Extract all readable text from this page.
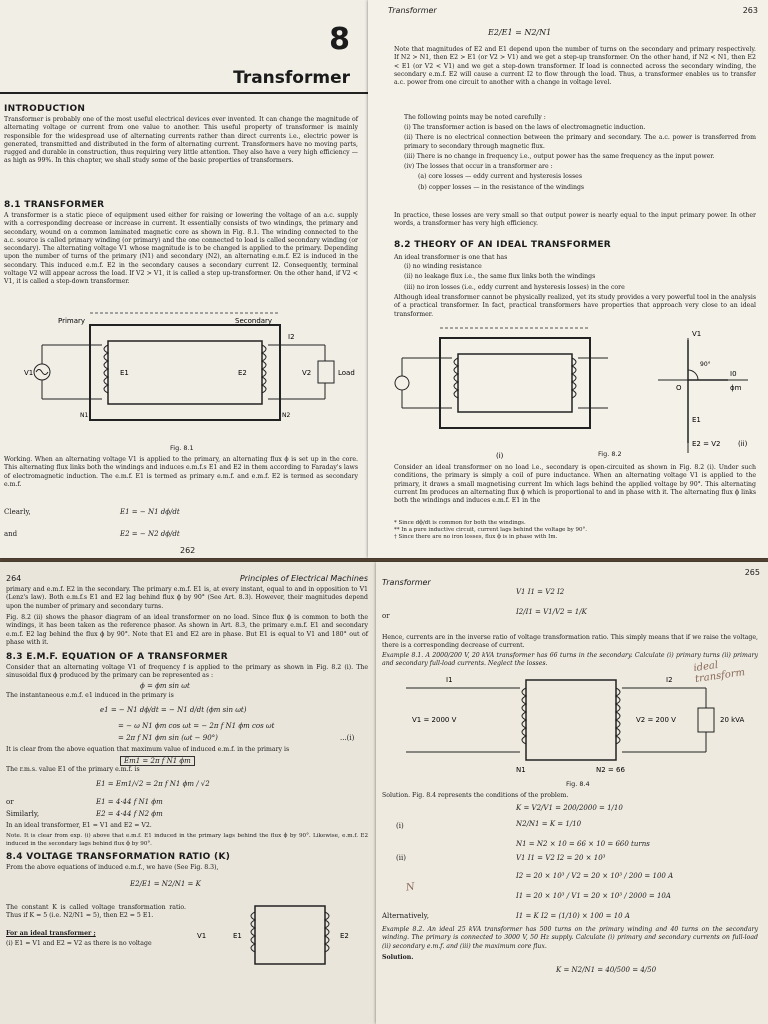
8
Transformer
INTRODUCTION
Transformer is probably one of the most useful electrical devices ever invented. It can change the magnitude of alternating voltage or current from one value to another. This useful property of transformer is mainly responsible for the widespread use of alternating currents rather than direct currents i.e., electric power is generated, transmitted and distributed in the form of alternating current. Transformers have no moving parts, rugged and durable in construction, thus requiring very little attention. They also have a very high efficiency — as high as 99%. In this chapter, we shall study some of the basic properties of transformers.
8.1 TRANSFORMER
A transformer is a static piece of equipment used either for raising or lowering the voltage of an a.c. supply with a corresponding decrease or increase in current. It essentially consists of two windings, the primary and secondary, wound on a common laminated magnetic core as shown in Fig. 8.1. The winding connected to the a.c. source is called primary winding (or primary) and the one connected to load is called secondary winding (or secondary). The alternating voltage V1 whose magnitude is to be changed is applied to the primary. Depending upon the number of turns of the primary (N1) and secondary (N2), an alternating e.m.f. E2 is induced in the secondary. This induced e.m.f. E2 in the secondary causes a secondary current I2. Consequently, terminal voltage V2 will appear across the load. If V2 > V1, it is called a step up-transformer. On the other hand, if V2 < V1, it is called a step-down transformer.
Primary	Secondary
Load
V1	E1	E2	V2
I2
N1	N2
Fig. 8.1
Working. When an alternating voltage V1 is applied to the primary, an alternating flux ϕ is set up in the core. This alternating flux links both the windings and induces e.m.f.s E1 and E2 in them according to Faraday's laws of electromagnetic induction. The e.m.f. E1 is termed as primary e.m.f. and e.m.f. E2 is termed as secondary e.m.f.
Clearly,	E1 = − N1 dϕ/dt
and	E2 = − N2 dϕ/dt
262
Transformer	263
E2/E1 = N2/N1
Note that magnitudes of E2 and E1 depend upon the number of turns on the secondary and primary respectively. If N2 > N1, then E2 > E1 (or V2 > V1) and we get a step-up transformer. On the other hand, if N2 < N1, then E2 < E1 (or V2 < V1) and we get a step-down transformer. If load is connected across the secondary winding, the secondary e.m.f. E2 will cause a current I2 to flow through the load. Thus, a transformer enables us to transfer a.c. power from one circuit to another with a change in voltage level.
The following points may be noted carefully :

(i) The transformer action is based on the laws of electromagnetic induction.

(ii) There is no electrical connection between the primary and secondary. The a.c. power is transferred from primary to secondary through magnetic flux.

(iii) There is no change in frequency i.e., output power has the same frequency as the input power.

(iv) The losses that occur in a transformer are :

(a) core losses — eddy current and hysteresis losses

(b) copper losses — in the resistance of the windings

In practice, these losses are very small so that output power is nearly equal to the input primary power. In other words, a transformer has very high efficiency.
8.2 THEORY OF AN IDEAL TRANSFORMER
An ideal transformer is one that has

(i) no winding resistance

(ii) no leakage flux i.e., the same flux links both the windings

(iii) no iron losses (i.e., eddy current and hysteresis losses) in the core

Although ideal transformer cannot be physically realized, yet its study provides a very powerful tool in the analysis of a practical transformer. In fact, practical transformers have properties that approach very close to an ideal transformer.
(i)
V1
I0
ϕm
90°
E1
E2 = V2
O
(ii)
Fig. 8.2
Consider an ideal transformer on no load i.e., secondary is open-circuited as shown in Fig. 8.2 (i). Under such conditions, the primary is simply a coil of pure inductance. When an alternating voltage V1 is applied to the primary, it draws a small magnetising current Im which lags behind the applied voltage by 90°. This alternating current Im produces an alternating flux ϕ which is proportional to and in phase with it. The alternating flux ϕ links both the windings and induces e.m.f. E1 in the
* Since dϕ/dt is common for both the windings.
** In a pure inductive circuit, current lags behind the voltage by 90°.
† Since there are no iron losses, flux ϕ is in phase with Im.
264	Principles of Electrical Machines
primary and e.m.f. E2 in the secondary. The primary e.m.f. E1 is, at every instant, equal to and in opposition to V1 (Lenz's law). Both e.m.f.s E1 and E2 lag behind flux ϕ by 90° (See Art. 8.3). However, their magnitudes depend upon the number of primary and secondary turns.
Fig. 8.2 (ii) shows the phasor diagram of an ideal transformer on no load. Since flux ϕ is common to both the windings, it has been taken as the reference phasor. As shown in Art. 8.3, the primary e.m.f. E1 and secondary e.m.f. E2 lag behind the flux ϕ by 90°. Note that E1 and E2 are in phase. But E1 is equal to V1 and 180° out of phase with it.
8.3 E.M.F. EQUATION OF A TRANSFORMER
Consider that an alternating voltage V1 of frequency f is applied to the primary as shown in Fig. 8.2 (i). The sinusoidal flux ϕ produced by the primary can be represented as :
ϕ = ϕm sin ωt
The instantaneous e.m.f. e1 induced in the primary is
e1 = − N1 dϕ/dt = − N1 d/dt (ϕm sin ωt)
= − ω N1 ϕm cos ωt = − 2π f N1 ϕm cos ωt
= 2π f N1 ϕm sin (ωt − 90°)	...(i)
It is clear from the above equation that maximum value of induced e.m.f. in the primary is
Em1 = 2π f N1 ϕm
The r.m.s. value E1 of the primary e.m.f. is
E1 = Em1/√2 = 2π f N1 ϕm / √2
or	E1 = 4·44 f N1 ϕm
Similarly,	E2 = 4·44 f N2 ϕm
In an ideal transformer, E1 = V1 and E2 = V2.
Note. It is clear from exp. (i) above that e.m.f. E1 induced in the primary lags behind the flux ϕ by 90°. Likewise, e.m.f. E2 induced in the secondary lags behind flux ϕ by 90°.
8.4 VOLTAGE TRANSFORMATION RATIO (K)
From the above equations of induced e.m.f., we have (See Fig. 8.3),
E2/E1 = N2/N1 = K
The constant K is called voltage transformation ratio. Thus if K = 5 (i.e. N2/N1 = 5), then E2 = 5 E1.
For an ideal transformer ;
(i) E1 = V1 and E2 = V2 as there is no voltage
V1	E1	E2
Transformer
265
V1 I1 = V2 I2
or	I2/I1 = V1/V2 = 1/K
Hence, currents are in the inverse ratio of voltage transformation ratio. This simply means that if we raise the voltage, there is a corresponding decrease of current.
Example 8.1. A 2000/200 V, 20 kVA transformer has 66 turns in the secondary. Calculate (i) primary turns (ii) primary and secondary full-load currents. Neglect the losses.	ideal transform
V1 = 2000 V	V2 = 200 V	20 kVA
N1	N2 = 66
I1	I2
Fig. 8.4
Solution. Fig. 8.4 represents the conditions of the problem.
K = V2/V1 = 200/2000 = 1/10
(i)	N2/N1 = K = 1/10
N1 = N2 × 10 = 66 × 10 = 660 turns
(ii)	V1 I1 = V2 I2 = 20 × 10³
I2 = 20 × 10³ / V2 = 20 × 10³ / 200 = 100 A
I1 = 20 × 10³ / V1 = 20 × 10³ / 2000 = 10A
N
Alternatively,	I1 = K I2 = (1/10) × 100 = 10 A
Example 8.2. An ideal 25 kVA transformer has 500 turns on the primary winding and 40 turns on the secondary winding. The primary is connected to 3000 V, 50 Hz supply. Calculate (i) primary and secondary currents on full-load (ii) secondary e.m.f. and (iii) the maximum core flux.
Solution.
K = N2/N1 = 40/500 = 4/50
